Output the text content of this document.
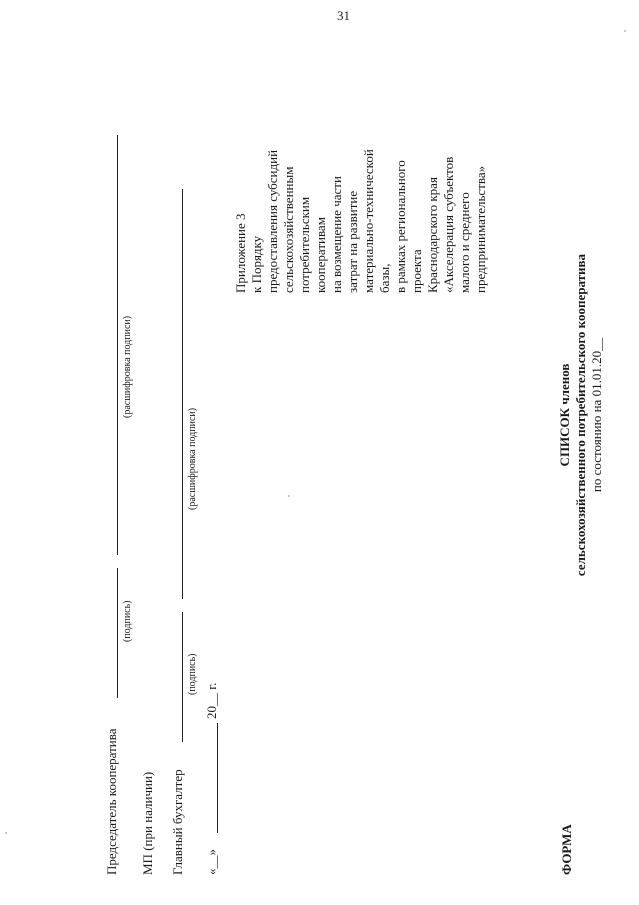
31
Председатель кооператива
(подпись)
(расшифровка подписи)
МП (при наличии) Главный бухгалтер
(подпись)
(расшифровка подписи)
«__»
20__ г.
Приложение 3 к Порядку предоставления субсидий сельскохозяйственным потребительским кооперативам на возмещение части затрат на развитие материально-технической базы, в рамках регионального проекта Краснодарского края «Акселерация субъектов малого и среднего предпринимательства»
ФОРМА
СПИСОК членов сельскохозяйственного потребительского кооператива по состоянию на 01.01.20__
